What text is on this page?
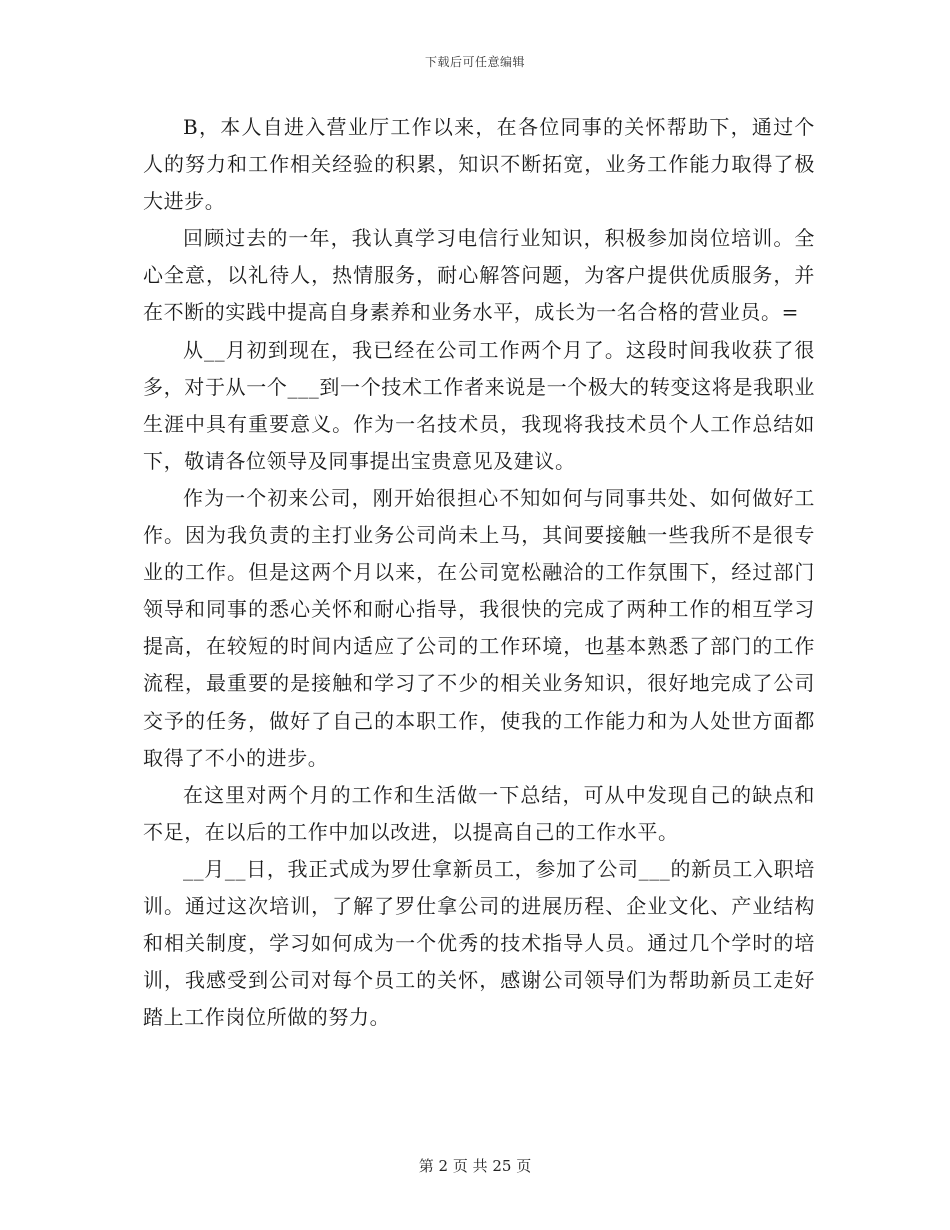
下载后可任意编辑

B，本人自进入营业厅工作以来，在各位同事的关怀帮助下，通过个人的努力和工作相关经验的积累，知识不断拓宽，业务工作能力取得了极大进步。

回顾过去的一年，我认真学习电信行业知识，积极参加岗位培训。全心全意，以礼待人，热情服务，耐心解答问题，为客户提供优质服务，并在不断的实践中提高自身素养和业务水平，成长为一名合格的营业员。=

从__月初到现在，我已经在公司工作两个月了。这段时间我收获了很多，对于从一个___到一个技术工作者来说是一个极大的转变这将是我职业生涯中具有重要意义。作为一名技术员，我现将我技术员个人工作总结如下，敬请各位领导及同事提出宝贵意见及建议。

作为一个初来公司，刚开始很担心不知如何与同事共处、如何做好工作。因为我负责的主打业务公司尚未上马，其间要接触一些我所不是很专业的工作。但是这两个月以来，在公司宽松融洽的工作氛围下，经过部门领导和同事的悉心关怀和耐心指导，我很快的完成了两种工作的相互学习提高，在较短的时间内适应了公司的工作环境，也基本熟悉了部门的工作流程，最重要的是接触和学习了不少的相关业务知识，很好地完成了公司交予的任务，做好了自己的本职工作，使我的工作能力和为人处世方面都取得了不小的进步。

在这里对两个月的工作和生活做一下总结，可从中发现自己的缺点和不足，在以后的工作中加以改进，以提高自己的工作水平。

__月__日，我正式成为罗仕拿新员工，参加了公司___的新员工入职培训。通过这次培训，了解了罗仕拿公司的进展历程、企业文化、产业结构和相关制度，学习如何成为一个优秀的技术指导人员。通过几个学时的培训，我感受到公司对每个员工的关怀，感谢公司领导们为帮助新员工走好踏上工作岗位所做的努力。

第 2 页 共 25 页
